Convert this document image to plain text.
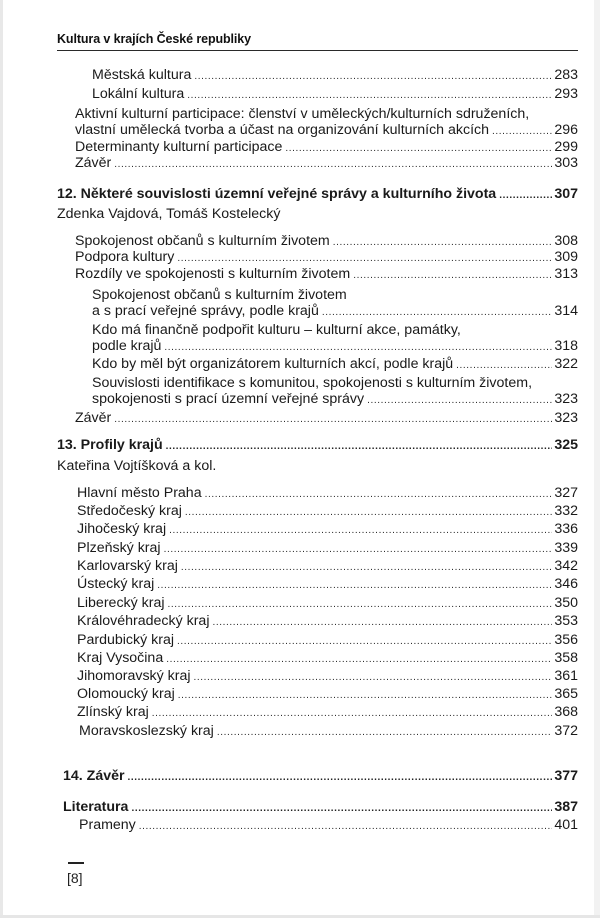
Kultura v krajích České republiky
Městská kultura .....	283
Lokální kultura .....	293
Aktivní kulturní participace: členství v uměleckých/kulturních sdruženích,
vlastní umělecká tvorba a účast na organizování kulturních akcích .....	296
Determinanty kulturní participace .....	299
Závěr .....	303
12. Některé souvislosti územní veřejné správy a kulturního života .....	307
Zdenka Vajdová, Tomáš Kostelecký
Spokojenost občanů s kulturním životem .....	308
Podpora kultury .....	309
Rozdíly ve spokojenosti s kulturním životem .....	313
Spokojenost občanů s kulturním životem
a s prací veřejné správy, podle krajů .....	314
Kdo má finančně podpořit kulturu – kulturní akce, památky,
podle krajů .....	318
Kdo by měl být organizátorem kulturních akcí, podle krajů .....	322
Souvislosti identifikace s komunitou, spokojenosti s kulturním životem,
spokojenosti s prací územní veřejné správy .....	323
Závěr .....	323
13. Profily krajů .....	325
Kateřina Vojtíšková a kol.
Hlavní město Praha .....	327
Středočeský kraj .....	332
Jihočeský kraj .....	336
Plzeňský kraj .....	339
Karlovarský kraj .....	342
Ústecký kraj .....	346
Liberecký kraj .....	350
Královéhradecký kraj .....	353
Pardubický kraj .....	356
Kraj Vysočina .....	358
Jihomoravský kraj .....	361
Olomoucký kraj .....	365
Zlínský kraj .....	368
Moravskoslezský kraj .....	372
14. Závěr .....	377
Literatura .....	387
Prameny .....	401
[8]
